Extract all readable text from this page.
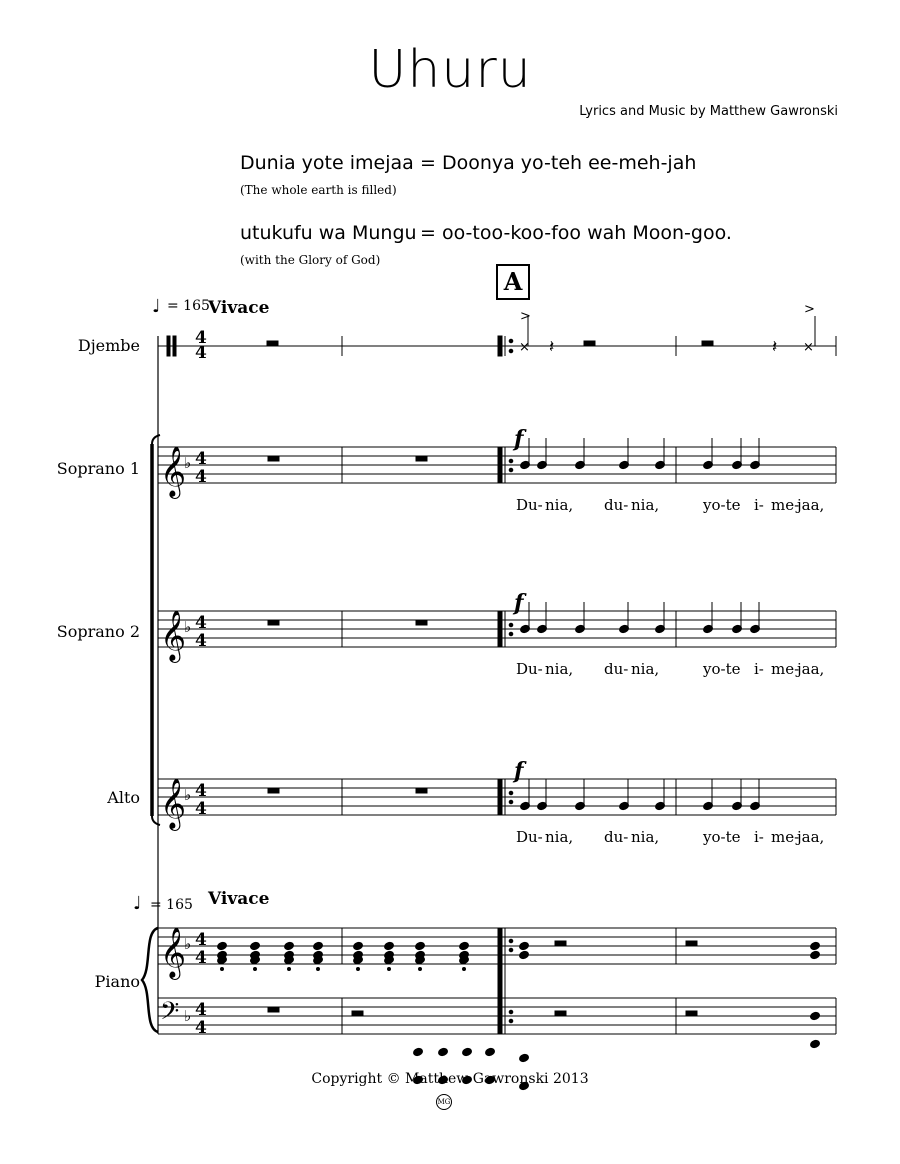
Uhuru
Lyrics and Music by Matthew Gawronski
Dunia yote imejaa = Doonya yo-teh ee-meh-jah
(The whole earth is filled)
utukufu wa Mungu = oo-too-koo-foo wah Moon-goo.
(with the Glory of God)
A
♩ = 165
Vivace
♩ = 165 Vivace
Djembe
Soprano 1
Soprano 2
Alto
Piano
f
f
f
Du- nia, du- nia,	yo-te i- me-
jaa,
Du- nia, du- nia,	yo-te i- me-
jaa,
Du- nia, du- nia,	yo-te i- me-
jaa,
4
4
>
× 𝄽	𝄽
>
×
𝄞
♭ 4
4
𝄞
♭ 4
4
𝄞
♭ 4
4
𝄞
♭ 4
4
𝄢 ♭ 4
4
Copyright © Matthew Gawronski 2013
MG
